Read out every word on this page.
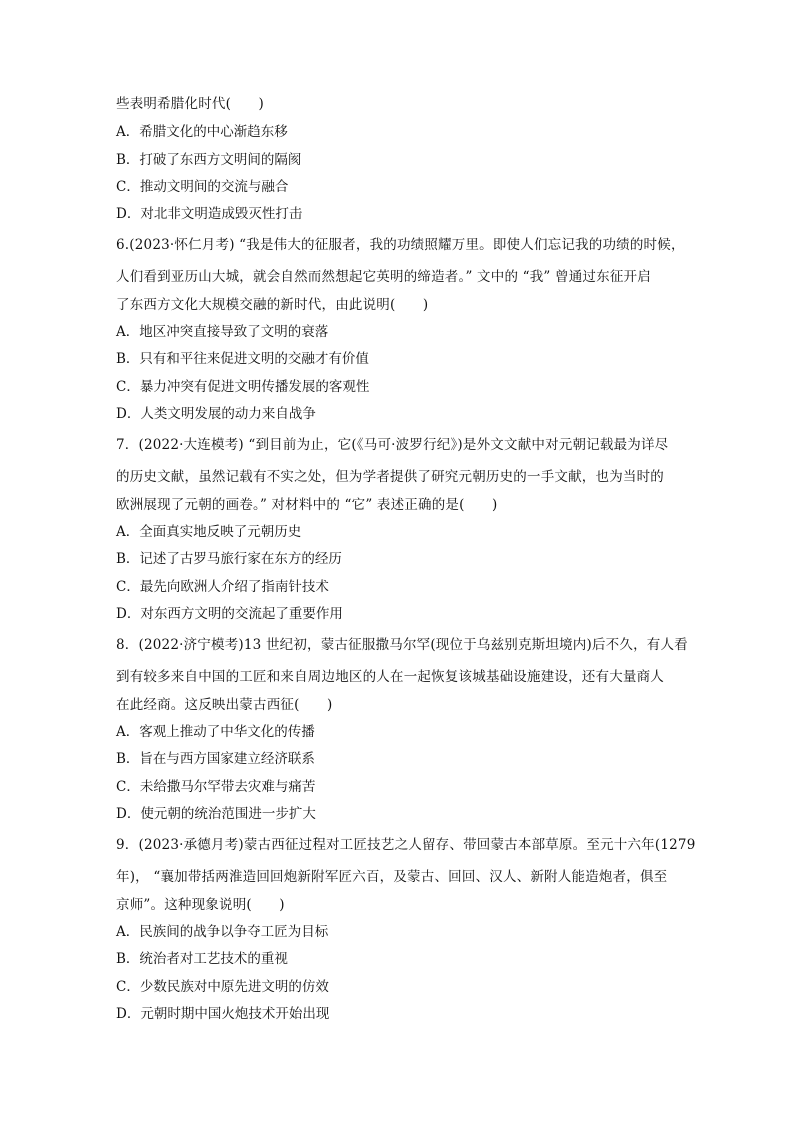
些表明希腊化时代(　　)
A．希腊文化的中心渐趋东移
B．打破了东西方文明间的隔阂
C．推动文明间的交流与融合
D．对北非文明造成毁灭性打击
6.(2023·怀仁月考) “我是伟大的征服者，我的功绩照耀万里。即使人们忘记我的功绩的时候，
人们看到亚历山大城，就会自然而然想起它英明的缔造者。” 文中的 “我” 曾通过东征开启
了东西方文化大规模交融的新时代，由此说明(　　)
A．地区冲突直接导致了文明的衰落
B．只有和平往来促进文明的交融才有价值
C．暴力冲突有促进文明传播发展的客观性
D．人类文明发展的动力来自战争
7．(2022·大连模考) “到目前为止，它(《马可·波罗行纪》)是外文文献中对元朝记载最为详尽
的历史文献，虽然记载有不实之处，但为学者提供了研究元朝历史的一手文献，也为当时的
欧洲展现了元朝的画卷。” 对材料中的 “它” 表述正确的是(　　)
A．全面真实地反映了元朝历史
B．记述了古罗马旅行家在东方的经历
C．最先向欧洲人介绍了指南针技术
D．对东西方文明的交流起了重要作用
8．(2022·济宁模考)13 世纪初，蒙古征服撒马尔罕(现位于乌兹别克斯坦境内)后不久，有人看
到有较多来自中国的工匠和来自周边地区的人在一起恢复该城基础设施建设，还有大量商人
在此经商。这反映出蒙古西征(　　)
A．客观上推动了中华文化的传播
B．旨在与西方国家建立经济联系
C．未给撒马尔罕带去灾难与痛苦
D．使元朝的统治范围进一步扩大
9．(2023·承德月考)蒙古西征过程对工匠技艺之人留存、带回蒙古本部草原。至元十六年(1279
年)， “襄加带括两淮造回回炮新附军匠六百，及蒙古、回回、汉人、新附人能造炮者，俱至
京师”。这种现象说明(　　)
A．民族间的战争以争夺工匠为目标
B．统治者对工艺技术的重视
C．少数民族对中原先进文明的仿效
D．元朝时期中国火炮技术开始出现
